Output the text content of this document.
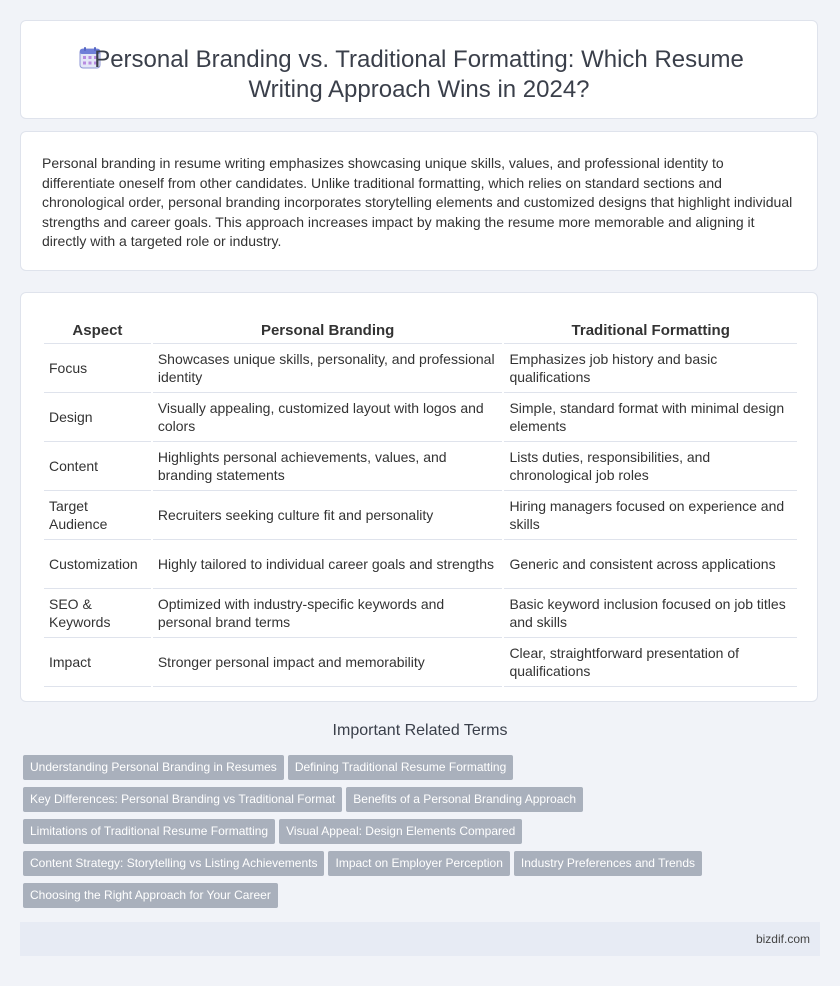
Personal Branding vs. Traditional Formatting: Which Resume
Writing Approach Wins in 2024?

Personal branding in resume writing emphasizes showcasing unique skills, values, and professional identity to differentiate oneself from other candidates. Unlike traditional formatting, which relies on standard sections and chronological order, personal branding incorporates storytelling elements and customized designs that highlight individual strengths and career goals. This approach increases impact by making the resume more memorable and aligning it directly with a targeted role or industry.

Aspect	Personal Branding	Traditional Formatting
Focus	Showcases unique skills, personality, and professional identity	Emphasizes job history and basic qualifications
Design	Visually appealing, customized layout with logos and colors	Simple, standard format with minimal design elements
Content	Highlights personal achievements, values, and branding statements	Lists duties, responsibilities, and chronological job roles
Target Audience	Recruiters seeking culture fit and personality	Hiring managers focused on experience and skills
Customization	Highly tailored to individual career goals and strengths	Generic and consistent across applications
SEO & Keywords	Optimized with industry-specific keywords and personal brand terms	Basic keyword inclusion focused on job titles and skills
Impact	Stronger personal impact and memorability	Clear, straightforward presentation of qualifications
Important Related Terms
Understanding Personal Branding in Resumes Defining Traditional Resume Formatting
Key Differences: Personal Branding vs Traditional Format Benefits of a Personal Branding Approach
Limitations of Traditional Resume Formatting Visual Appeal: Design Elements Compared
Content Strategy: Storytelling vs Listing Achievements Impact on Employer Perception Industry Preferences and Trends
Choosing the Right Approach for Your Career
bizdif.com
